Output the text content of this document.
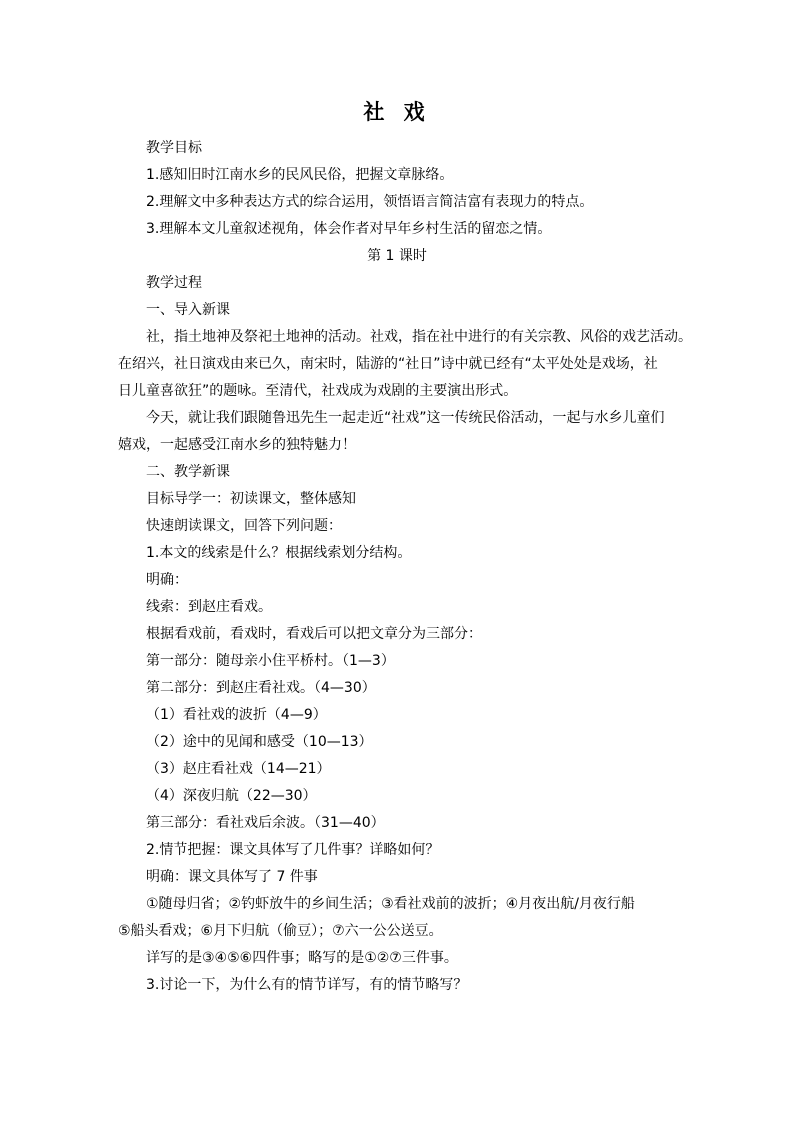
社 戏
教学目标
1.感知旧时江南水乡的民风民俗，把握文章脉络。
2.理解文中多种表达方式的综合运用，领悟语言简洁富有表现力的特点。
3.理解本文儿童叙述视角，体会作者对早年乡村生活的留恋之情。
第 1 课时
教学过程
一、导入新课
社，指土地神及祭祀土地神的活动。社戏，指在社中进行的有关宗教、风俗的戏艺活动。
在绍兴，社日演戏由来已久，南宋时，陆游的“社日”诗中就已经有“太平处处是戏场，社
日儿童喜欲狂”的题咏。至清代，社戏成为戏剧的主要演出形式。
今天，就让我们跟随鲁迅先生一起走近“社戏”这一传统民俗活动，一起与水乡儿童们
嬉戏，一起感受江南水乡的独特魅力！
二、教学新课
目标导学一：初读课文，整体感知
快速朗读课文，回答下列问题：
1.本文的线索是什么？根据线索划分结构。
明确：
线索：到赵庄看戏。
根据看戏前，看戏时，看戏后可以把文章分为三部分：
第一部分：随母亲小住平桥村。（1—3）
第二部分：到赵庄看社戏。（4—30）
（1）看社戏的波折（4—9）
（2）途中的见闻和感受（10—13）
（3）赵庄看社戏（14—21）
（4）深夜归航（22—30）
第三部分：看社戏后余波。（31—40）
2.情节把握：课文具体写了几件事？详略如何？
明确：课文具体写了 7 件事
①随母归省；②钓虾放牛的乡间生活；③看社戏前的波折；④月夜出航/月夜行船
⑤船头看戏；⑥月下归航（偷豆）；⑦六一公公送豆。
详写的是③④⑤⑥四件事；略写的是①②⑦三件事。
3.讨论一下，为什么有的情节详写，有的情节略写？
